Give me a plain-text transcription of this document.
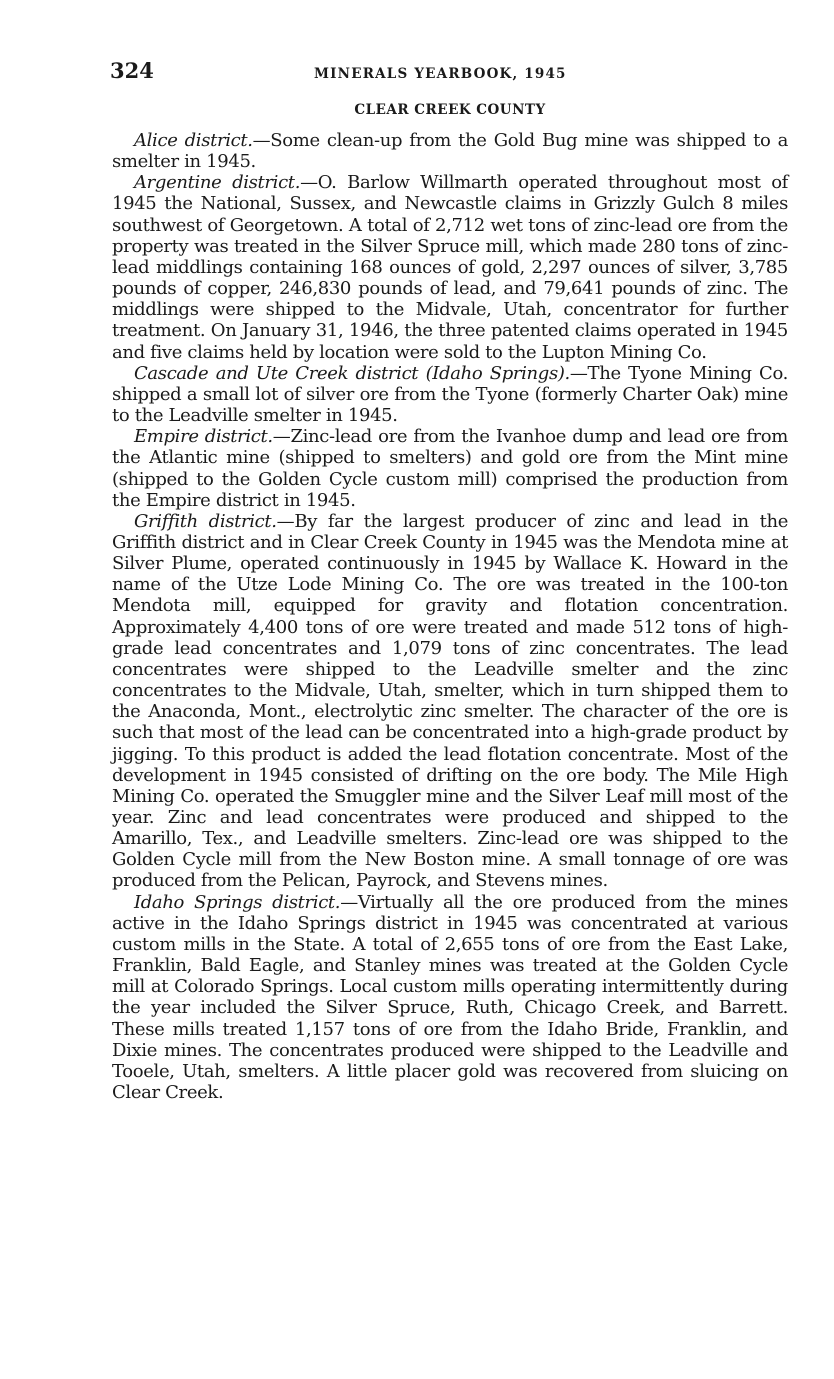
324	MINERALS YEARBOOK, 1945
CLEAR CREEK COUNTY

Alice district.—Some clean-up from the Gold Bug mine was shipped to a smelter in 1945.

Argentine district.—O. Barlow Willmarth operated throughout most of 1945 the National, Sussex, and Newcastle claims in Grizzly Gulch 8 miles southwest of Georgetown. A total of 2,712 wet tons of zinc-lead ore from the property was treated in the Silver Spruce mill, which made 280 tons of zinc-lead middlings containing 168 ounces of gold, 2,297 ounces of silver, 3,785 pounds of copper, 246,830 pounds of lead, and 79,641 pounds of zinc. The middlings were shipped to the Midvale, Utah, concentrator for further treatment. On January 31, 1946, the three patented claims operated in 1945 and five claims held by location were sold to the Lupton Mining Co.

Cascade and Ute Creek district (Idaho Springs).—The Tyone Mining Co. shipped a small lot of silver ore from the Tyone (formerly Charter Oak) mine to the Leadville smelter in 1945.

Empire district.—Zinc-lead ore from the Ivanhoe dump and lead ore from the Atlantic mine (shipped to smelters) and gold ore from the Mint mine (shipped to the Golden Cycle custom mill) comprised the production from the Empire district in 1945.

Griffith district.—By far the largest producer of zinc and lead in the Griffith district and in Clear Creek County in 1945 was the Mendota mine at Silver Plume, operated continuously in 1945 by Wallace K. Howard in the name of the Utze Lode Mining Co. The ore was treated in the 100-ton Mendota mill, equipped for gravity and flotation concentration. Approximately 4,400 tons of ore were treated and made 512 tons of high-grade lead concentrates and 1,079 tons of zinc concentrates. The lead concentrates were shipped to the Leadville smelter and the zinc concentrates to the Midvale, Utah, smelter, which in turn shipped them to the Anaconda, Mont., electrolytic zinc smelter. The character of the ore is such that most of the lead can be concentrated into a high-grade product by jigging. To this product is added the lead flotation concentrate. Most of the development in 1945 consisted of drifting on the ore body. The Mile High Mining Co. operated the Smuggler mine and the Silver Leaf mill most of the year. Zinc and lead concentrates were produced and shipped to the Amarillo, Tex., and Leadville smelters. Zinc-lead ore was shipped to the Golden Cycle mill from the New Boston mine. A small tonnage of ore was produced from the Pelican, Payrock, and Stevens mines.

Idaho Springs district.—Virtually all the ore produced from the mines active in the Idaho Springs district in 1945 was concentrated at various custom mills in the State. A total of 2,655 tons of ore from the East Lake, Franklin, Bald Eagle, and Stanley mines was treated at the Golden Cycle mill at Colorado Springs. Local custom mills operating intermittently during the year included the Silver Spruce, Ruth, Chicago Creek, and Barrett. These mills treated 1,157 tons of ore from the Idaho Bride, Franklin, and Dixie mines. The concentrates produced were shipped to the Leadville and Tooele, Utah, smelters. A little placer gold was recovered from sluicing on Clear Creek.
